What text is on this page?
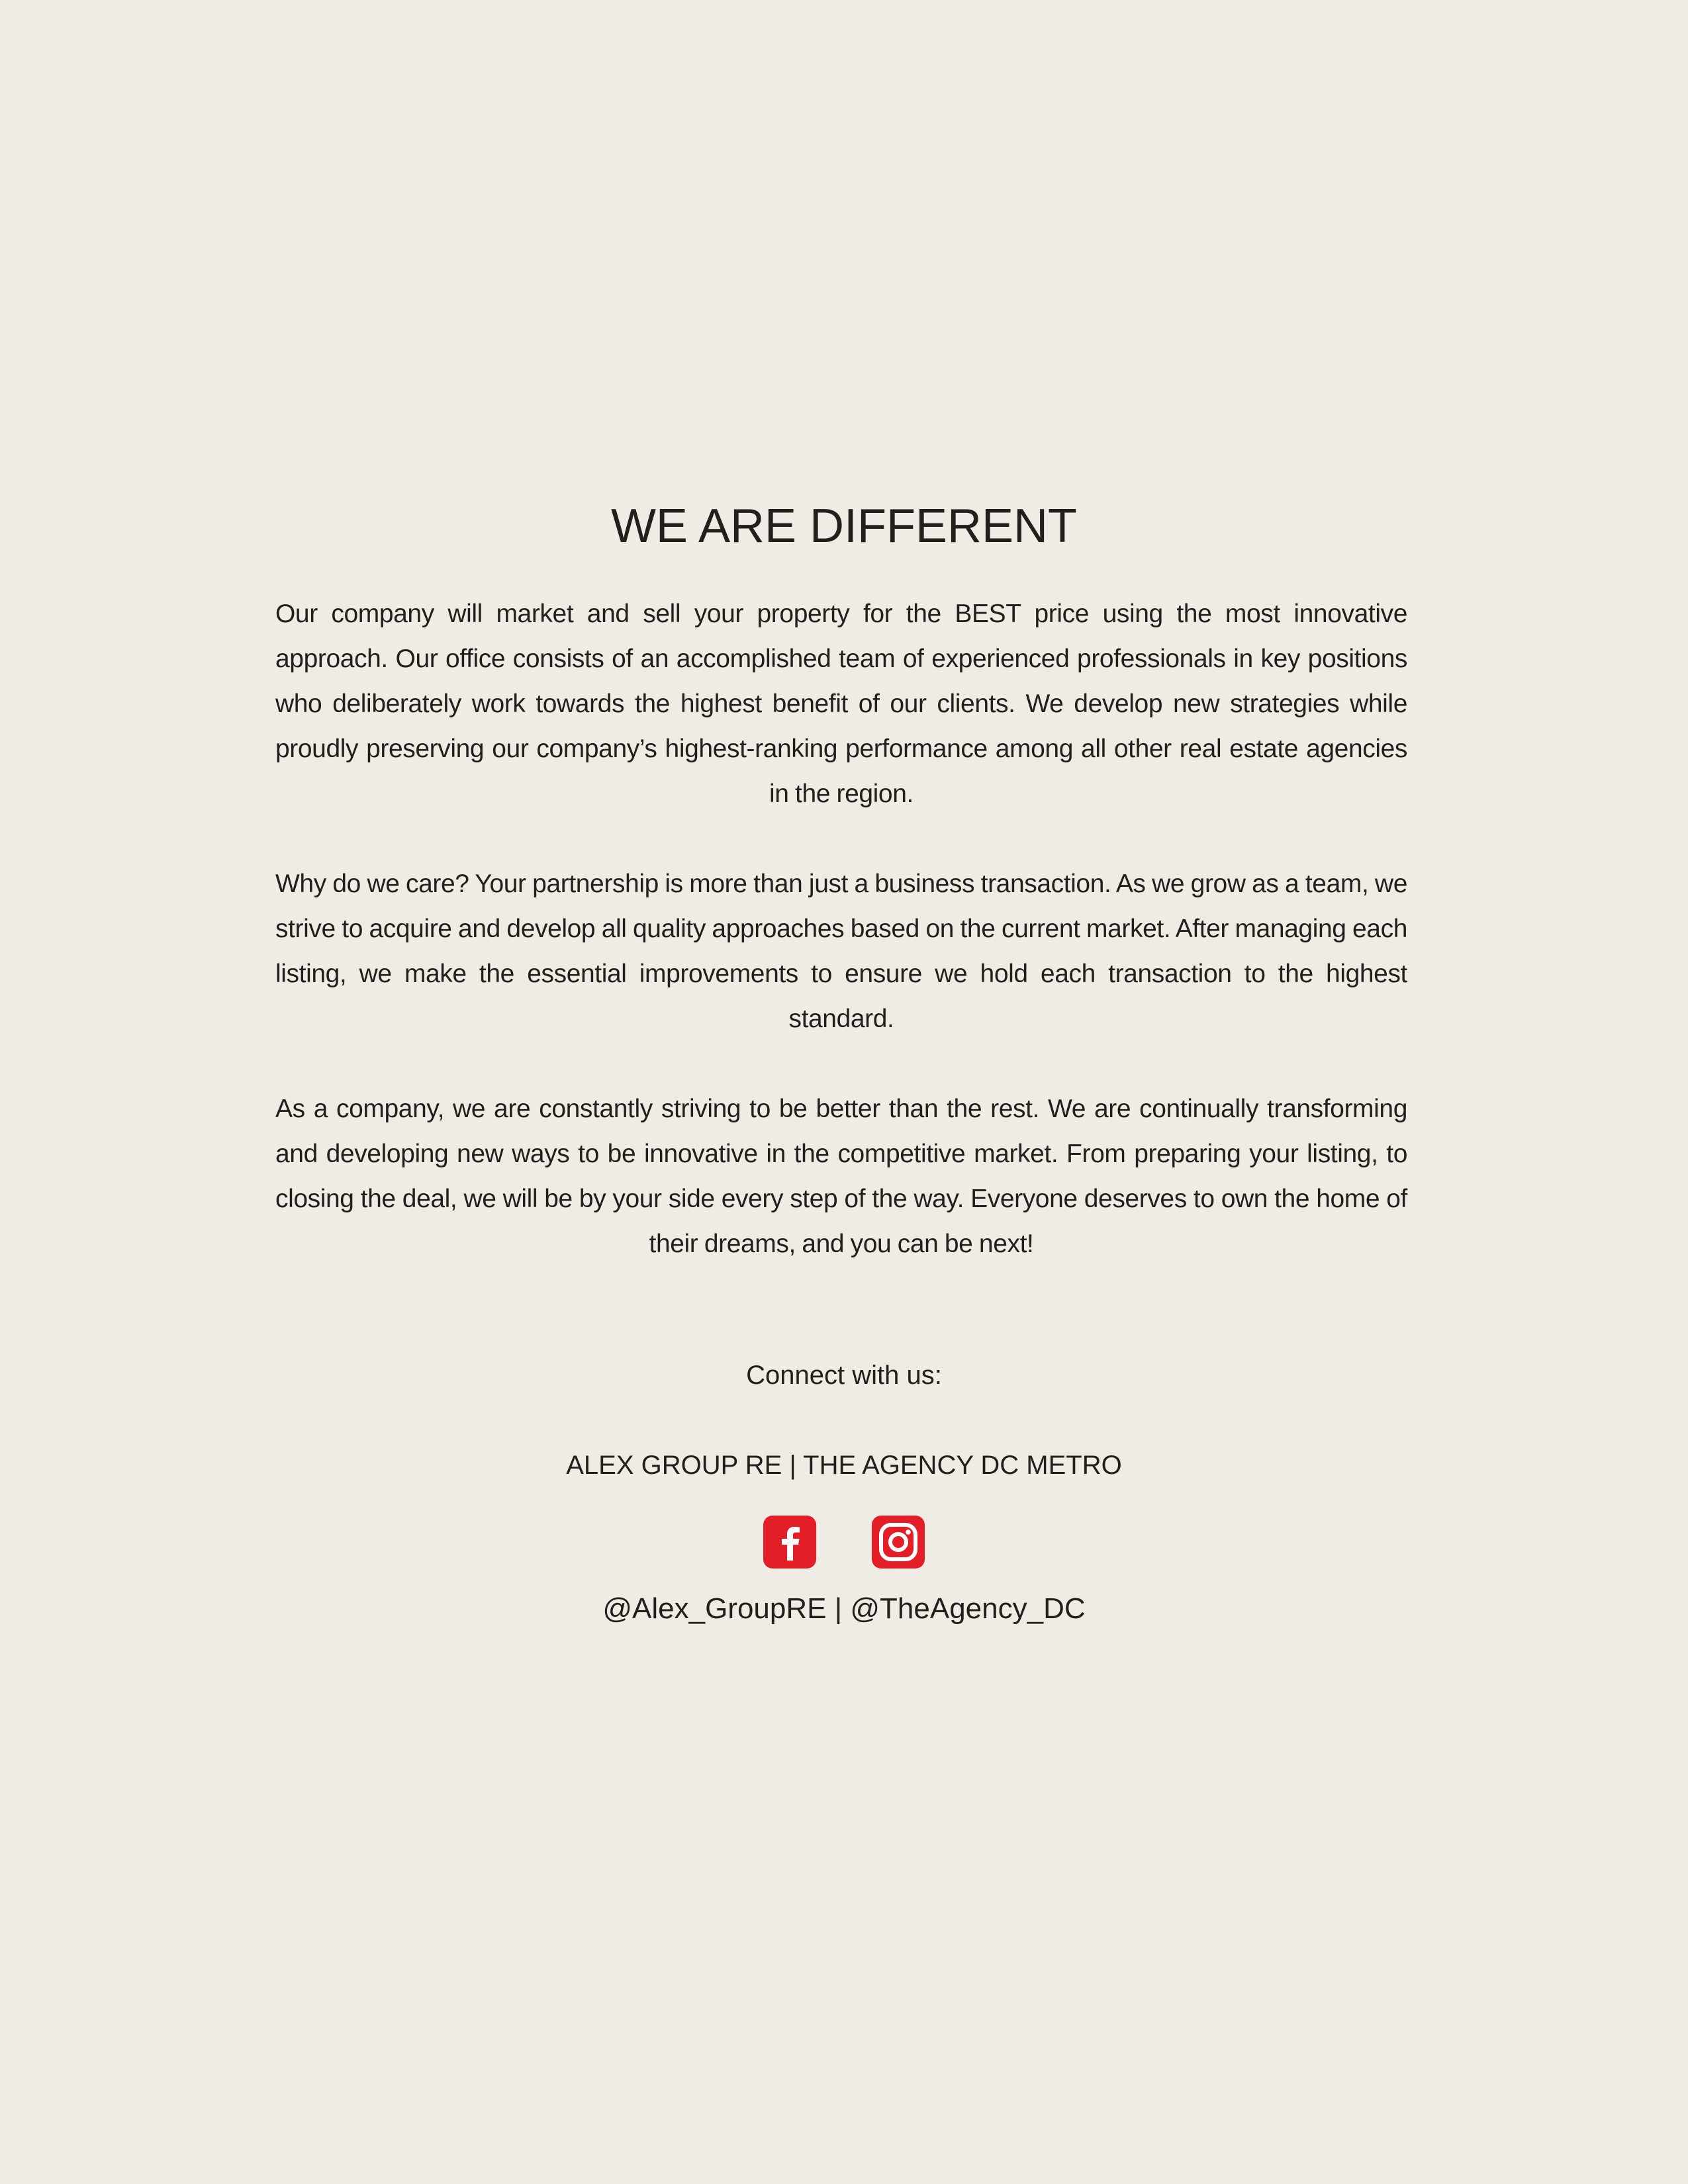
WE ARE DIFFERENT

Our company will market and sell your property for the BEST price using the most innovative approach. Our office consists of an accomplished team of experienced professionals in key positions who deliberately work towards the highest benefit of our clients. We develop new strategies while proudly preserving our company’s highest-ranking performance among all other real estate agencies in the region.

Why do we care? Your partnership is more than just a business transaction. As we grow as a team, we strive to acquire and develop all quality approaches based on the current market. After managing each listing, we make the essential improvements to ensure we hold each transaction to the highest standard.

As a company, we are constantly striving to be better than the rest. We are continually transforming and developing new ways to be innovative in the competitive market. From preparing your listing, to closing the deal, we will be by your side every step of the way. Everyone deserves to own the home of their dreams, and you can be next!

Connect with us:
ALEX GROUP RE | THE AGENCY DC METRO
@Alex_GroupRE | @TheAgency_DC
